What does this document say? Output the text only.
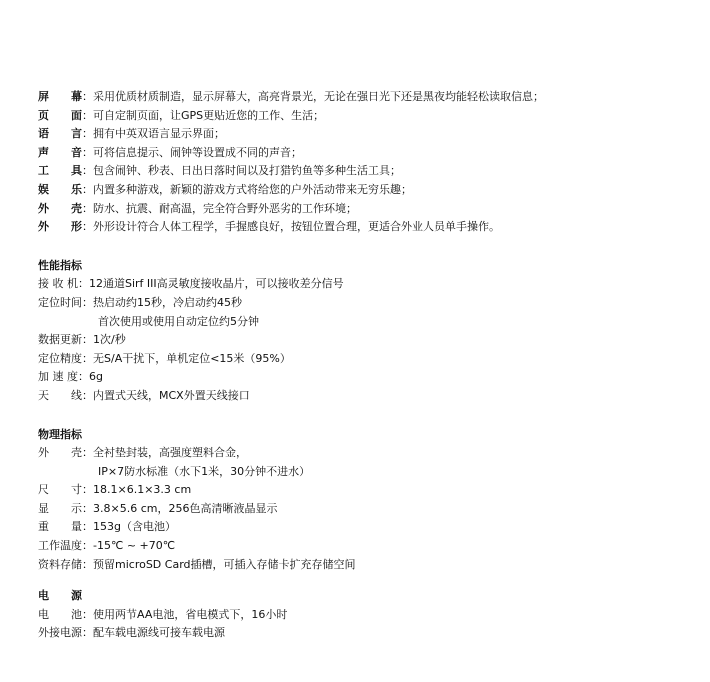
屏　　幕 ：采用优质材质制造，显示屏幕大，高亮背景光，无论在强日光下还是黑夜均能轻松读取信息；
页　　面 ：可自定制页面，让GPS更贴近您的工作、生活；
语　　言 ：拥有中英双语言显示界面；
声　　音 ：可将信息提示、闹钟等设置成不同的声音；
工　　具 ：包含闹钟、秒表、日出日落时间以及打猎钓鱼等多种生活工具；
娱　　乐 ：内置多种游戏，新颖的游戏方式将给您的户外活动带来无穷乐趣；
外　　壳 ：防水、抗震、耐高温，完全符合野外恶劣的工作环境；
外　　形 ：外形设计符合人体工程学，手握感良好，按钮位置合理，更适合外业人员单手操作。
性能指标
接 收 机 ：12通道Sirf III高灵敏度接收晶片，可以接收差分信号
定位时间 ：热启动约15秒，冷启动约45秒
首次使用或使用自动定位约5分钟
数据更新 ：1次/秒
定位精度 ：无S/A干扰下，单机定位<15米（95%）
加 速 度 ：6g
天　　线 ：内置式天线，MCX外置天线接口
物理指标
外　　壳 ：全衬垫封装，高强度塑料合金，
IP×7防水标准（水下1米，30分钟不进水）
尺　　寸 ：18.1×6.1×3.3 cm
显　　示 ：3.8×5.6 cm，256色高清晰液晶显示
重　　量 ：153g（含电池）
工作温度 ：-15℃ ~ +70℃
资料存储 ：预留microSD Card插槽，可插入存储卡扩充存储空间
电　　源
电　　池 ：使用两节AA电池，省电模式下，16小时
外接电源 ：配车载电源线可接车载电源
